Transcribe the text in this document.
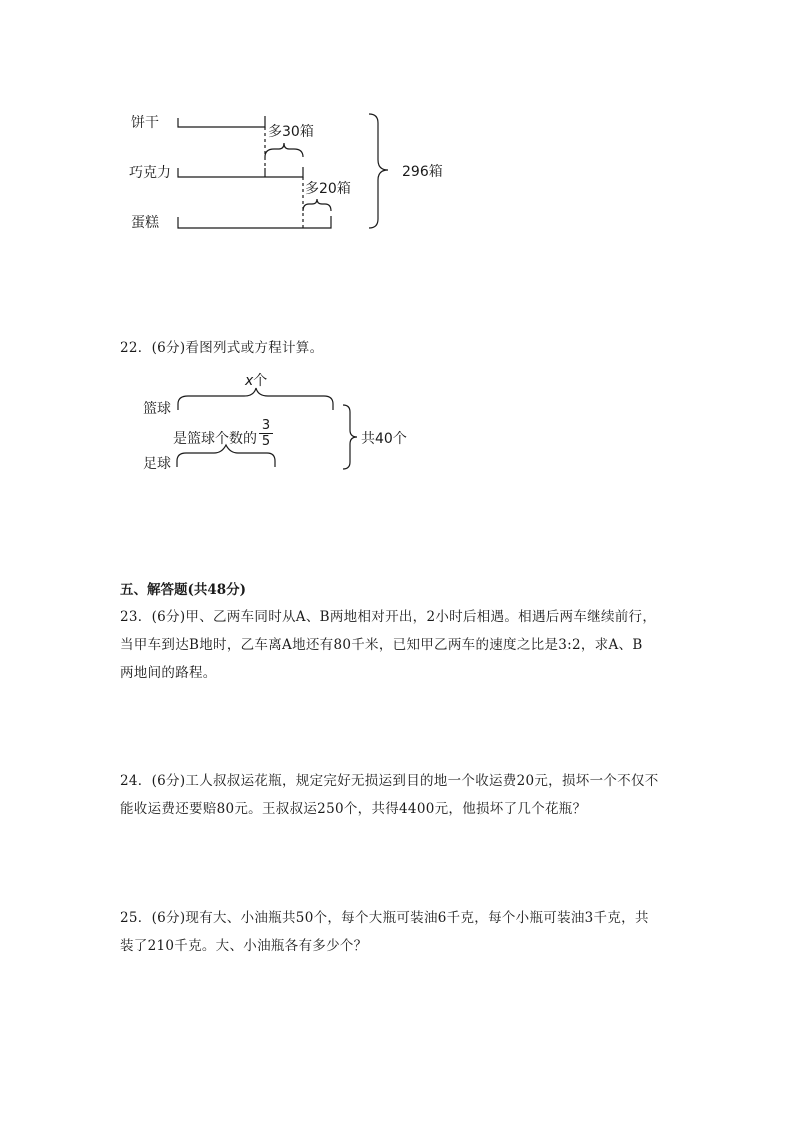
饼干
巧克力
蛋糕
多30箱
多20箱
296箱
22．(6分)看图列式或方程计算。
x个
篮球
是篮球个数的 $\frac{3}{5}$
足球
共40个
五、解答题(共48分)
23．(6分)甲、乙两车同时从A、B两地相对开出，2小时后相遇。相遇后两车继续前行，
当甲车到达B地时，乙车离A地还有80千米，已知甲乙两车的速度之比是3:2，求A、B
两地间的路程。
24．(6分)工人叔叔运花瓶，规定完好无损运到目的地一个收运费20元，损坏一个不仅不
能收运费还要赔80元。王叔叔运250个，共得4400元，他损坏了几个花瓶？
25．(6分)现有大、小油瓶共50个，每个大瓶可装油6千克，每个小瓶可装油3千克，共
装了210千克。大、小油瓶各有多少个？
